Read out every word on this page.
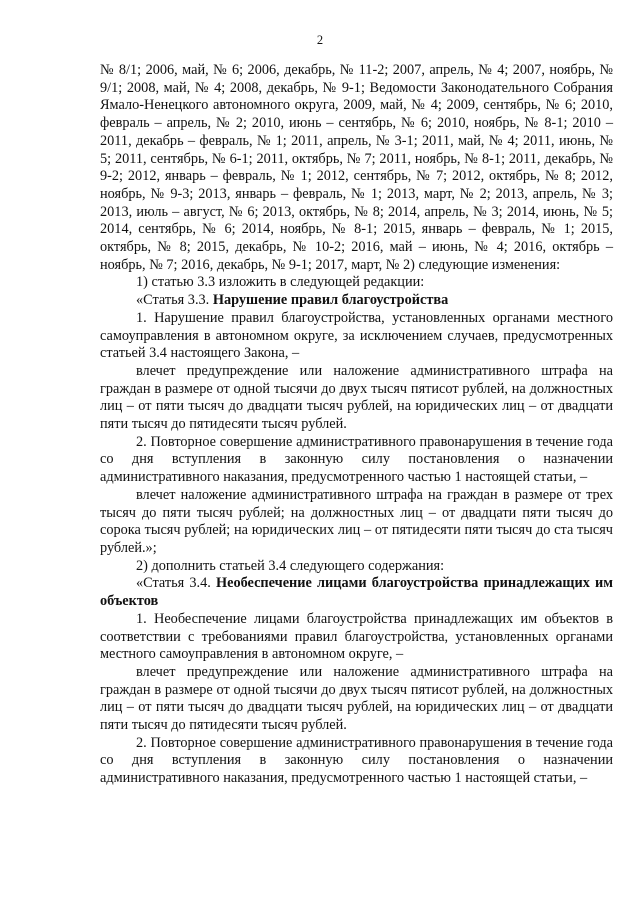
2

№ 8/1; 2006, май, № 6; 2006, декабрь, № 11-2; 2007, апрель, № 4; 2007, ноябрь, № 9/1; 2008, май, № 4; 2008, декабрь, № 9-1; Ведомости Законодательного Собрания Ямало-Ненецкого автономного округа, 2009, май, № 4; 2009, сентябрь, № 6; 2010, февраль – апрель, № 2; 2010, июнь – сентябрь, № 6; 2010, ноябрь, № 8-1; 2010 – 2011, декабрь – февраль, № 1; 2011, апрель, № 3-1; 2011, май, № 4; 2011, июнь, № 5; 2011, сентябрь, № 6-1; 2011, октябрь, № 7; 2011, ноябрь, № 8-1; 2011, декабрь, № 9-2; 2012, январь – февраль, № 1; 2012, сентябрь, № 7; 2012, октябрь, № 8; 2012, ноябрь, № 9-3; 2013, январь – февраль, № 1; 2013, март, № 2; 2013, апрель, № 3; 2013, июль – август, № 6; 2013, октябрь, № 8; 2014, апрель, № 3; 2014, июнь, № 5; 2014, сентябрь, № 6; 2014, ноябрь, № 8-1; 2015, январь – февраль, № 1; 2015, октябрь, № 8; 2015, декабрь, № 10-2; 2016, май – июнь, № 4; 2016, октябрь – ноябрь, № 7; 2016, декабрь, № 9-1; 2017, март, № 2) следующие изменения:

1) статью 3.3 изложить в следующей редакции:

«Статья 3.3. Нарушение правил благоустройства

1. Нарушение правил благоустройства, установленных органами местного самоуправления в автономном округе, за исключением случаев, предусмотренных статьей 3.4 настоящего Закона, –

влечет предупреждение или наложение административного штрафа на граждан в размере от одной тысячи до двух тысяч пятисот рублей, на должностных лиц – от пяти тысяч до двадцати тысяч рублей, на юридических лиц – от двадцати пяти тысяч до пятидесяти тысяч рублей.

2. Повторное совершение административного правонарушения в течение года со дня вступления в законную силу постановления о назначении административного наказания, предусмотренного частью 1 настоящей статьи, –

влечет наложение административного штрафа на граждан в размере от трех тысяч до пяти тысяч рублей; на должностных лиц – от двадцати пяти тысяч до сорока тысяч рублей; на юридических лиц – от пятидесяти пяти тысяч до ста тысяч рублей.»;

2) дополнить статьей 3.4 следующего содержания:

«Статья 3.4. Необеспечение лицами благоустройства принадлежащих им объектов

1. Необеспечение лицами благоустройства принадлежащих им объектов в соответствии с требованиями правил благоустройства, установленных органами местного самоуправления в автономном округе, –

влечет предупреждение или наложение административного штрафа на граждан в размере от одной тысячи до двух тысяч пятисот рублей, на должностных лиц – от пяти тысяч до двадцати тысяч рублей, на юридических лиц – от двадцати пяти тысяч до пятидесяти тысяч рублей.

2. Повторное совершение административного правонарушения в течение года со дня вступления в законную силу постановления о назначении административного наказания, предусмотренного частью 1 настоящей статьи, –
